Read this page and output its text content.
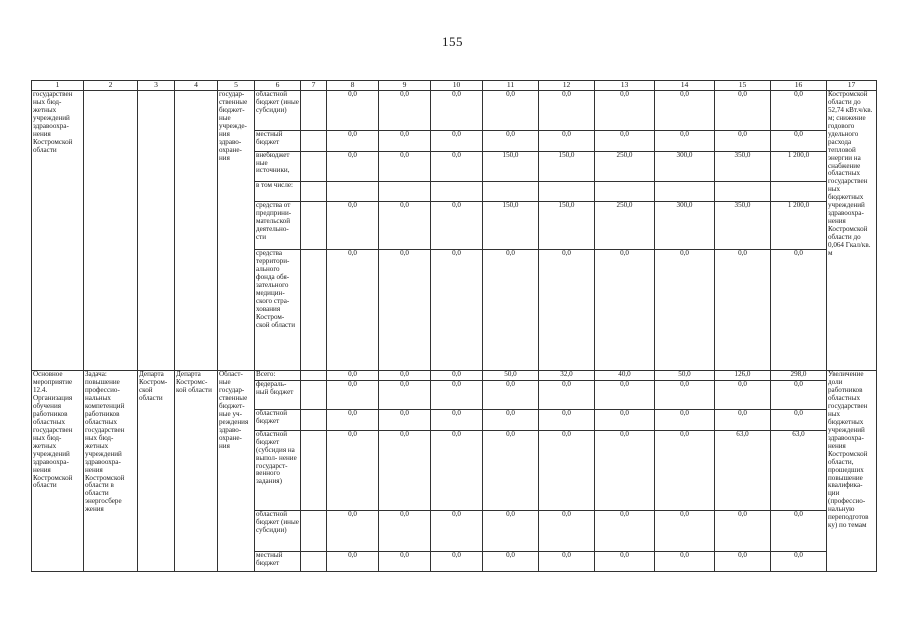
155
1	2	3	4	5	6	7	8	9	10	11	12	13	14	15	16	17
государствен ных бюд- жетных учреждений здравоохра- нения Костромской области				государ- ственные бюджет- ные учрежде- ния здраво- охране- ния	областной бюджет (иные субсидии)		0,0	0,0	0,0	0,0	0,0	0,0	0,0	0,0	0,0	Костромской области до 52,74 кВт.ч/кв. м; снижение годового удельного расхода тепловой энергии на снабжение областных государствен ных бюджетных учреждений здравоохра- нения Костромской области до 0,064 Гкал/кв. м
					местный бюджет		0,0	0,0	0,0	0,0	0,0	0,0	0,0	0,0	0,0	
					внебюджет ные источники,		0,0	0,0	0,0	150,0	150,0	250,0	300,0	350,0	1 200,0	
					в том числе:											
					средства от предприни- мательской деятельно- сти		0,0	0,0	0,0	150,0	150,0	250,0	300,0	350,0	1 200,0	
					средства территори- ального фонда обя- зательного медицин- ского стра- хования Костром- ской области		0,0	0,0	0,0	0,0	0,0	0,0	0,0	0,0	0,0	
Основное мероприятие 12.4. Организация обучения работников областных государствен ных бюд- жетных учреждений здравоохра- нения Костромской области	Задача: повышение профессио- нальных компетенций работников областных государствен ных бюд- жетных учреждений здравоохра- нения Костромской области в области энергосбере жения	Департа Костром- ской области	Департа Костромс- кой области	Област- ные государ- ственные бюджет- ные уч- реждения здраво- охране- ния	Всего:		0,0	0,0	0,0	50,0	32,0	40,0	50,0	126,0	298,0	Увеличение доли работников областных государствен ных бюджетных учреждений здравоохра- нения Костромской области, прошедших повышение квалифика- ции (профессио- нальную переподготов ку) по темам
					федераль- ный бюджет		0,0	0,0	0,0	0,0	0,0	0,0	0,0	0,0	0,0	
					областной бюджет		0,0	0,0	0,0	0,0	0,0	0,0	0,0	0,0	0,0	
					областной бюджет (субсидия на выпол- нение государст- венного задания)		0,0	0,0	0,0	0,0	0,0	0,0	0,0	63,0	63,0	
					областной бюджет (иные субсидии)		0,0	0,0	0,0	0,0	0,0	0,0	0,0	0,0	0,0	
					местный бюджет		0,0	0,0	0,0	0,0	0,0	0,0	0,0	0,0	0,0	
